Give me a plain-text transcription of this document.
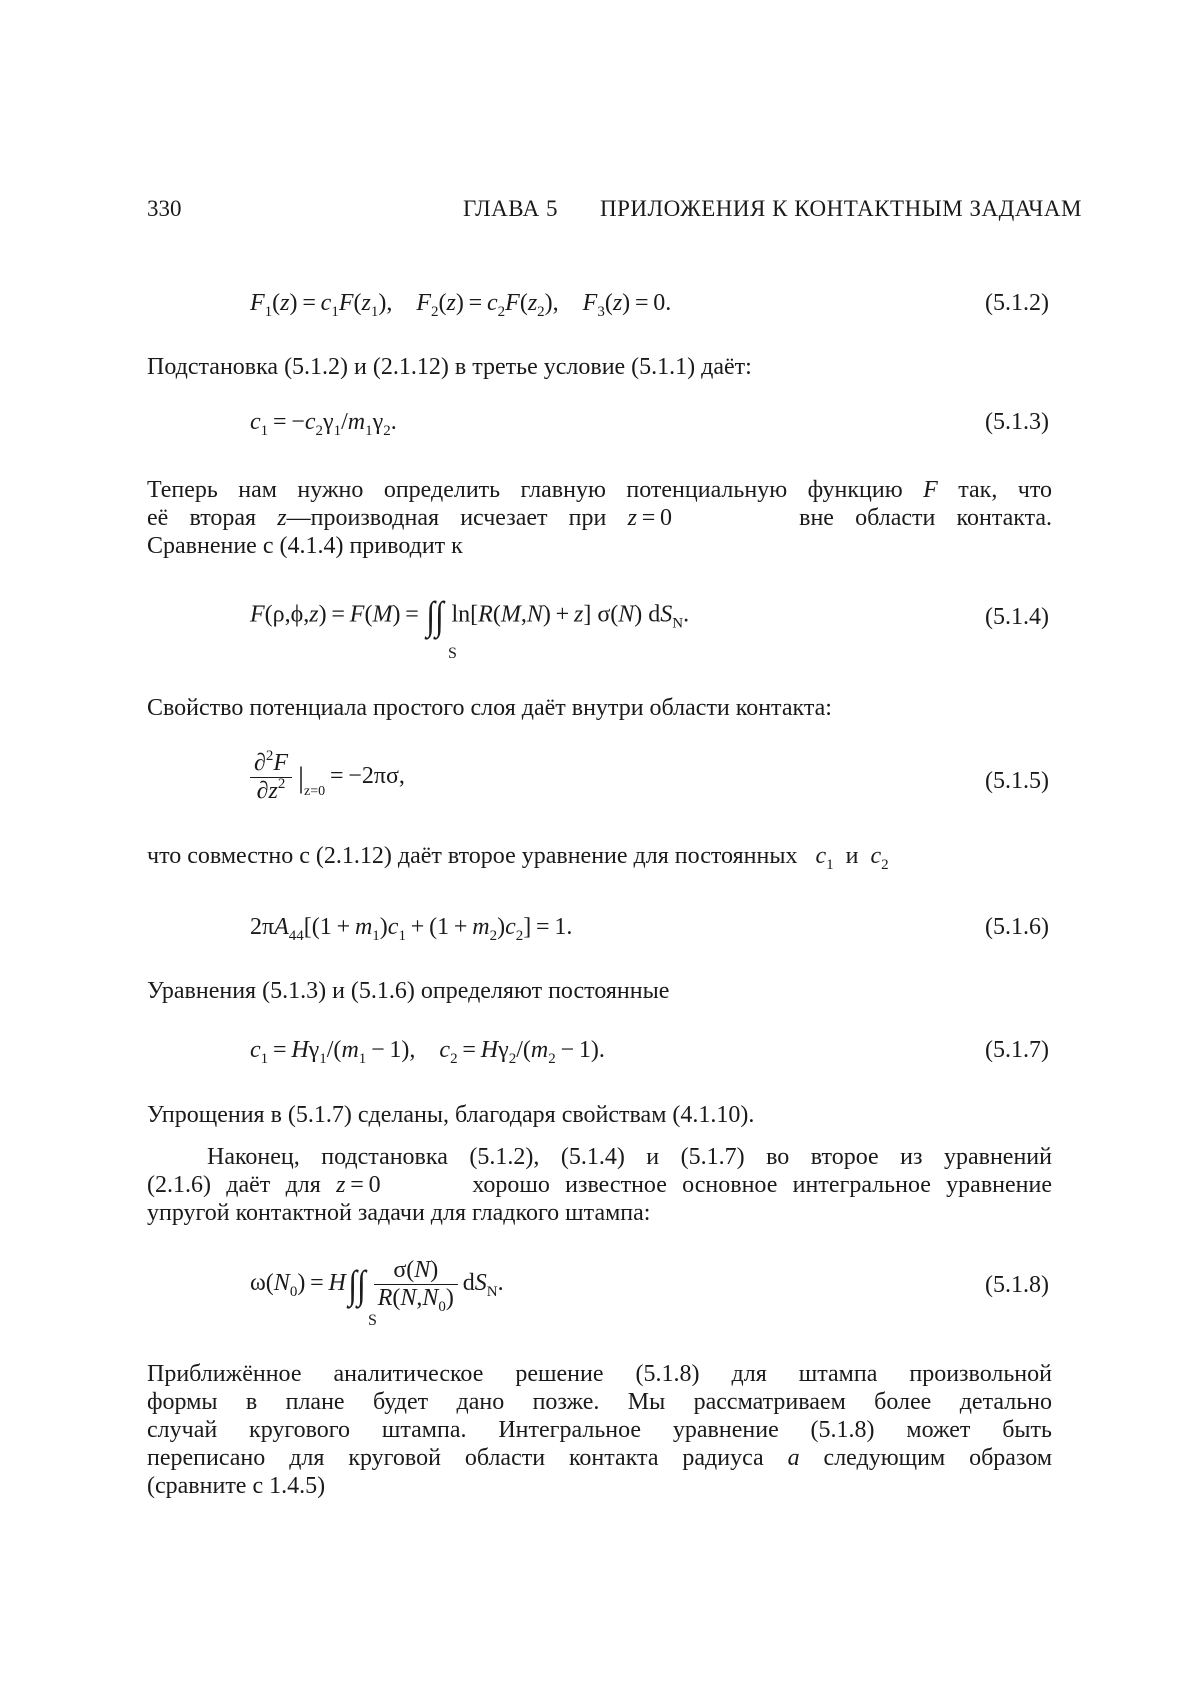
330	ГЛАВА 5 ПРИЛОЖЕНИЯ К КОНТАКТНЫМ ЗАДАЧАМ
$F_1(z) = c_1F(z_1)$,    $F_2(z) = c_2F(z_2)$,    $F_3(z) = 0$.	(5.1.2)
Подстановка (5.1.2) и (2.1.12) в третье условие (5.1.1) даёт:
$c_1 = -c_2\gamma_1/m_1\gamma_2$.	(5.1.3)
Теперь нам нужно определить главную потенциальную функцию F так, что
её вторая z—производная исчезает при z = 0      вне области контакта.
Сравнение с (4.1.4) приводит к
F(ρ,ϕ,z) = F(M) = ∫∫ ln[R(M,N) + z] σ(N) $dS_N$.
S
(5.1.4)
Свойство потенциала простого слоя даёт внутри области контакта:
$\frac{\partial^2F}{\partial z^2} |_{z=0} = -2\pi\sigma$,	(5.1.5)
что совместно с (2.1.12) даёт второе уравнение для постоянных $c_1$ и $c_2$
$2\pi A_{44}[(1 + m_1)c_1 + (1 + m_2)c_2] = 1$.	(5.1.6)
Уравнения (5.1.3) и (5.1.6) определяют постоянные
$c_1 = H\gamma_1/(m_1 - 1)$,    $c_2 = H\gamma_2/(m_2 - 1)$.	(5.1.7)
Упрощения в (5.1.7) сделаны, благодаря свойствам (4.1.10).
Наконец, подстановка (5.1.2), (5.1.4) и (5.1.7) во второе из уравнений
(2.1.6) даёт для z = 0      хорошо известное основное интегральное уравнение
упругой контактной задачи для гладкого штампа:
$\omega(N_0) = H\int\int \frac{\sigma(N)}{R(N,N_0)} dS_N$.
S
(5.1.8)
Приближённое аналитическое решение (5.1.8) для штампа произвольной
формы в плане будет дано позже. Мы рассматриваем более детально
случай кругового штампа. Интегральное уравнение (5.1.8) может быть
переписано для круговой области контакта радиуса a следующим образом
(сравните с 1.4.5)
